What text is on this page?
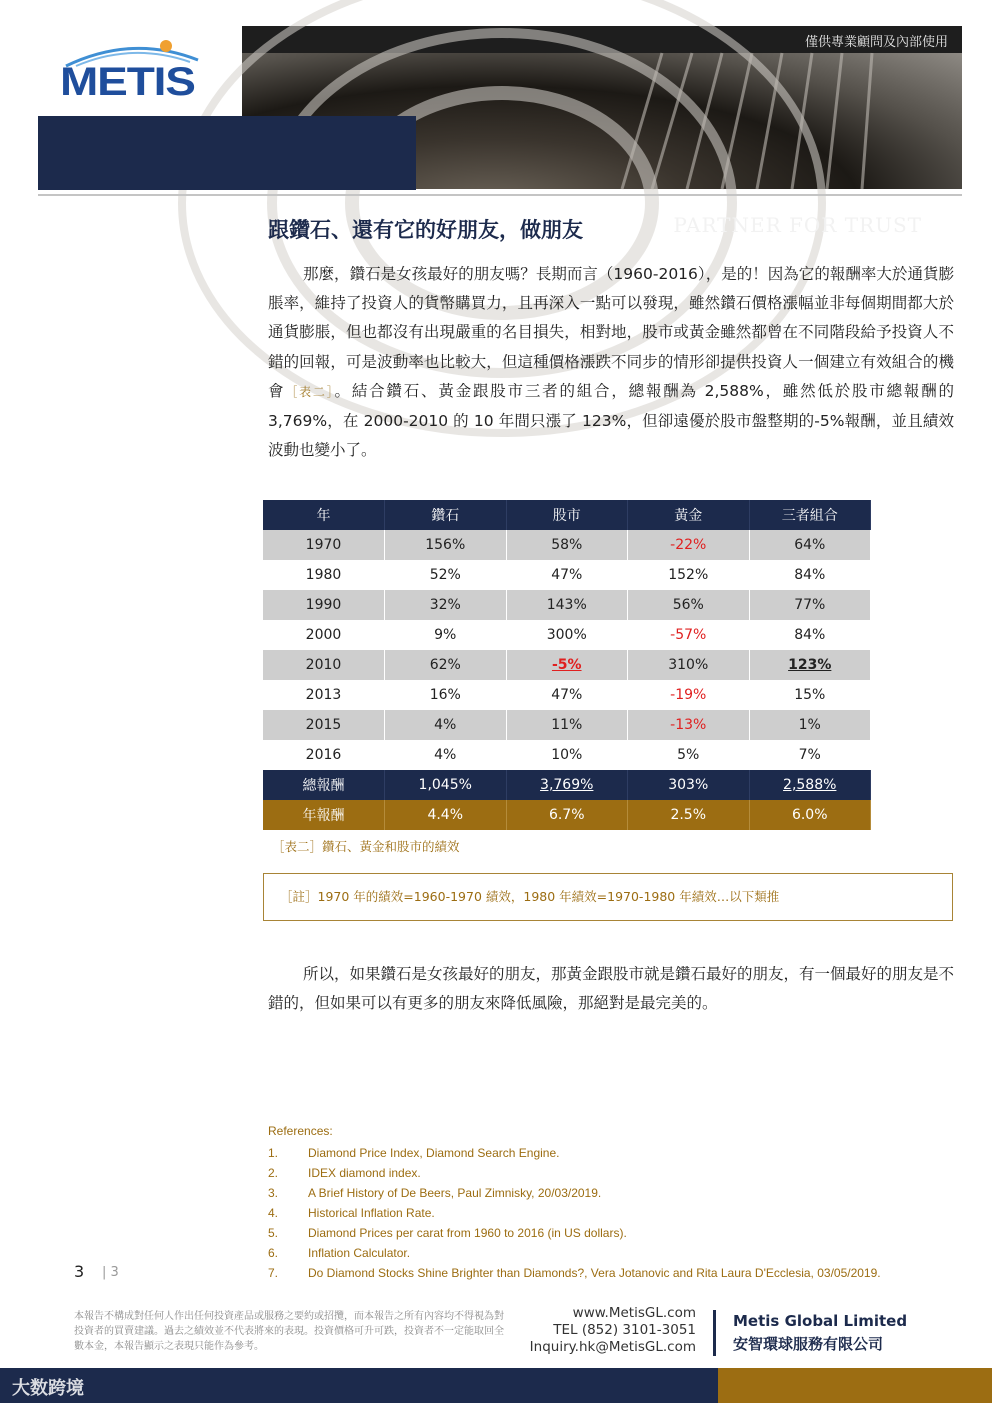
METIS
僅供專業顧問及內部使用
PARTNER FOR TRUST
跟鑽石、還有它的好朋友，做朋友
那麼，鑽石是女孩最好的朋友嗎？長期而言（1960-2016），是的！因為它的報酬率大於通貨膨脹率，維持了投資人的貨幣購買力，且再深入一點可以發現，雖然鑽石價格漲幅並非每個期間都大於通貨膨脹，但也都沒有出現嚴重的名目損失，相對地，股市或黃金雖然都曾在不同階段給予投資人不錯的回報，可是波動率也比較大，但這種價格漲跌不同步的情形卻提供投資人一個建立有效組合的機會［表二］。結合鑽石、黃金跟股市三者的組合，總報酬為 2,588%，雖然低於股市總報酬的 3,769%，在 2000-2010 的 10 年間只漲了 123%，但卻遠優於股市盤整期的-5%報酬，並且績效波動也變小了。
年	鑽石	股市	黃金	三者組合
1970	156%	58%	-22%	64%
1980	52%	47%	152%	84%
1990	32%	143%	56%	77%
2000	9%	300%	-57%	84%
2010	62%	-5%	310%	123%
2013	16%	47%	-19%	15%
2015	4%	11%	-13%	1%
2016	4%	10%	5%	7%
總報酬	1,045%	3,769%	303%	2,588%
年報酬	4.4%	6.7%	2.5%	6.0%
［表二］鑽石、黃金和股市的績效
［註］1970 年的績效=1960-1970 績效，1980 年績效=1970-1980 年績效…以下類推
所以，如果鑽石是女孩最好的朋友，那黃金跟股市就是鑽石最好的朋友，有一個最好的朋友是不錯的，但如果可以有更多的朋友來降低風險，那絕對是最完美的。
References:
1.	Diamond Price Index, Diamond Search Engine.
2.	IDEX diamond index.
3.	A Brief History of De Beers, Paul Zimnisky, 20/03/2019.
4.	Historical Inflation Rate.
5.	Diamond Prices per carat from 1960 to 2016 (in US dollars).
6.	Inflation Calculator.
7.	Do Diamond Stocks Shine Brighter than Diamonds?, Vera Jotanovic and Rita Laura D'Ecclesia, 03/05/2019.
3 | 3
本報告不構成對任何人作出任何投資產品或服務之要約或招攬，而本報告之所有內容均不得視為對投資者的買賣建議。過去之績效並不代表將來的表現。投資價格可升可跌，投資者不一定能取回全數本金，本報告顯示之表現只能作為參考。
www.MetisGL.com
TEL (852) 3101-3051
Inquiry.hk@MetisGL.com
Metis Global Limited
安智環球服務有限公司
大数跨境
